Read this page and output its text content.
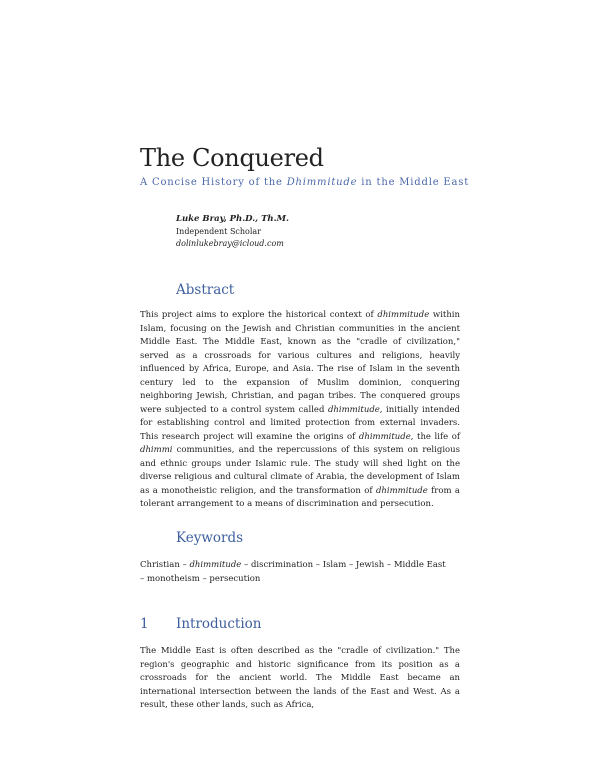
The Conquered
A Concise History of the Dhimmitude in the Middle East
Luke Bray, Ph.D., Th.M.
Independent Scholar
dolinlukebray@icloud.com
Abstract
This project aims to explore the historical context of dhimmitude within Islam, focusing on the Jewish and Christian communities in the ancient Middle East. The Middle East, known as the "cradle of civilization," served as a crossroads for various cultures and religions, heavily influenced by Africa, Europe, and Asia. The rise of Islam in the seventh century led to the expansion of Muslim dominion, conquering neighboring Jewish, Christian, and pagan tribes. The conquered groups were subjected to a control system called dhimmitude, initially intended for establishing control and limited protection from external invaders. This research project will examine the origins of dhimmitude, the life of dhimmi communities, and the repercussions of this system on religious and ethnic groups under Islamic rule. The study will shed light on the diverse religious and cultural climate of Arabia, the development of Islam as a monotheistic religion, and the transformation of dhimmitude from a tolerant arrangement to a means of discrimination and persecution.
Keywords
Christian – dhimmitude – discrimination – Islam – Jewish – Middle East – monotheism – persecution
1 Introduction
The Middle East is often described as the "cradle of civilization." The region's geographic and historic significance from its position as a crossroads for the ancient world. The Middle East became an international intersection between the lands of the East and West. As a result, these other lands, such as Africa,
